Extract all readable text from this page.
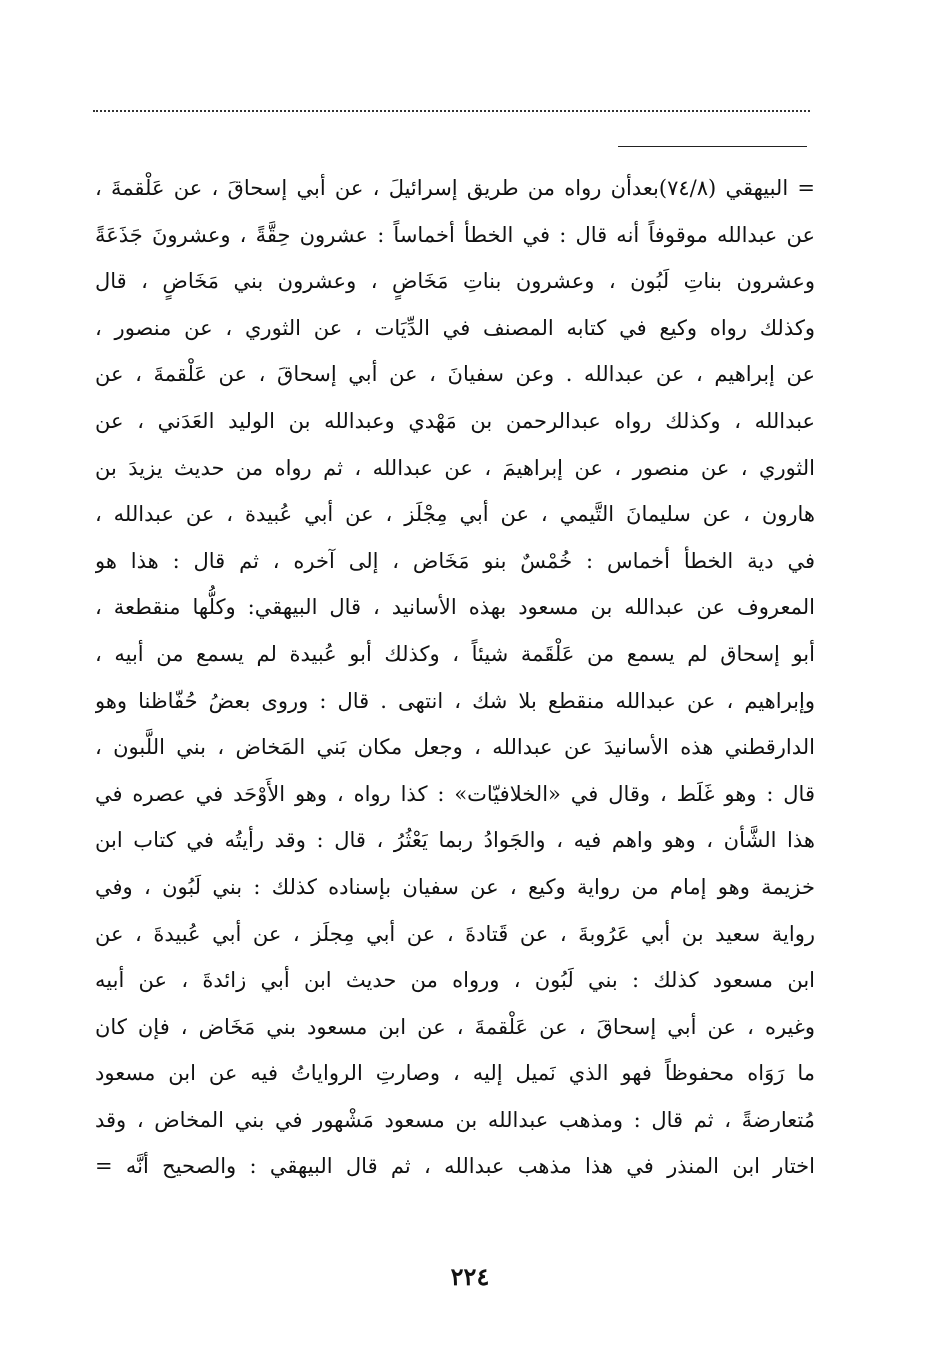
= البيهقي (٧٤/٨)بعدأن رواه من طريق إسرائيلَ ، عن أبي إسحاقَ ، عن عَلْقمةَ ،
عن عبدالله موقوفاً أنه قال : في الخطأ أخماساً : عشرون حِقَّةً ، وعشرونَ جَذَعَةً
وعشرون بناتِ لَبُون ، وعشرون بناتِ مَخَاضٍ ، وعشرون بني مَخَاضٍ ، قال
وكذلك رواه وكيع في كتابه المصنف في الدِّيَات ، عن الثوري ، عن منصور ،
عن إبراهيم ، عن عبدالله . وعن سفيانَ ، عن أبي إسحاقَ ، عن عَلْقمةَ ، عن
عبدالله ، وكذلك رواه عبدالرحمن بن مَهْدي وعبدالله بن الوليد العَدَني ، عن
الثوري ، عن منصور ، عن إبراهيمَ ، عن عبدالله ، ثم رواه من حديث يزيدَ بن
هارون ، عن سليمانَ التَّيمي ، عن أبي مِجْلَز ، عن أبي عُبيدة ، عن عبدالله ،
في دية الخطأ أخماس : خُمْسٌ بنو مَخَاض ، إلى آخره ، ثم قال : هذا هو
المعروف عن عبدالله بن مسعود بهذه الأسانيد ، قال البيهقي: وكلُّها منقطعة ،
أبو إسحاق لم يسمع من عَلْقَمة شيئاً ، وكذلك أبو عُبيدة لم يسمع من أبيه ،
وإبراهيم ، عن عبدالله منقطع بلا شك ، انتهى . قال : وروى بعضُ حُفّاظنا وهو
الدارقطني هذه الأسانيدَ عن عبدالله ، وجعل مكان بَني المَخاض ، بني اللَّبون ،
قال : وهو غَلَط ، وقال في «الخلافيّات» : كذا رواه ، وهو الأَوْحَد في عصره في
هذا الشَّأن ، وهو واهم فيه ، والجَوادُ ربما يَعْثُرُ ، قال : وقد رأيتُه في كتاب ابن
خزيمة وهو إمام من رواية وكيع ، عن سفيان بإسناده كذلك : بني لَبُون ، وفي
رواية سعيد بن أبي عَرُوبةَ ، عن قَتادةَ ، عن أبي مِجلَز ، عن أبي عُبيدةَ ، عن
ابن مسعود كذلك : بني لَبُون ، ورواه من حديث ابن أبي زائدةَ ، عن أبيه
وغيره ، عن أبي إسحاقَ ، عن عَلْقمةَ ، عن ابن مسعود بني مَخَاض ، فإن كان
ما رَوَاه محفوظاً فهو الذي نَميل إليه ، وصارتِ الرواياتُ فيه عن ابن مسعود
مُتعارضةً ، ثم قال : ومذهب عبدالله بن مسعود مَشْهور في بني المخاض ، وقد
اختار ابن المنذر في هذا مذهب عبدالله ، ثم قال البيهقي : والصحيح أنَّه =
٢٢٤
